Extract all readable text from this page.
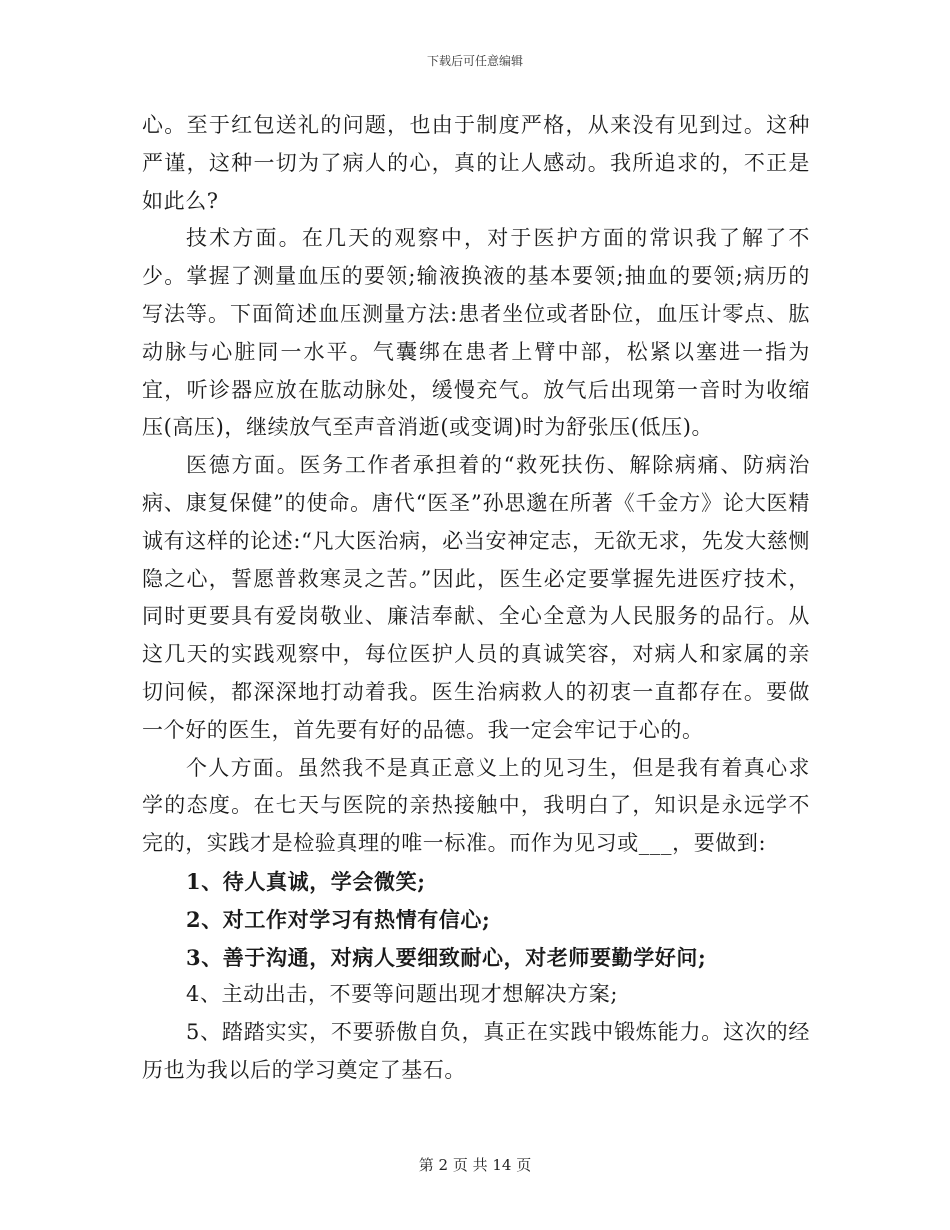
下载后可任意编辑

心。至于红包送礼的问题，也由于制度严格，从来没有见到过。这种严谨，这种一切为了病人的心，真的让人感动。我所追求的，不正是如此么?

技术方面。在几天的观察中，对于医护方面的常识我了解了不少。掌握了测量血压的要领;输液换液的基本要领;抽血的要领;病历的写法等。下面简述血压测量方法:患者坐位或者卧位，血压计零点、肱动脉与心脏同一水平。气囊绑在患者上臂中部，松紧以塞进一指为宜，听诊器应放在肱动脉处，缓慢充气。放气后出现第一音时为收缩压(高压)，继续放气至声音消逝(或变调)时为舒张压(低压)。

医德方面。医务工作者承担着的“救死扶伤、解除病痛、防病治病、康复保健”的使命。唐代“医圣”孙思邈在所著《千金方》论大医精诚有这样的论述:“凡大医治病，必当安神定志，无欲无求，先发大慈恻隐之心，誓愿普救寒灵之苦。”因此，医生必定要掌握先进医疗技术，同时更要具有爱岗敬业、廉洁奉献、全心全意为人民服务的品行。从这几天的实践观察中，每位医护人员的真诚笑容，对病人和家属的亲切问候，都深深地打动着我。医生治病救人的初衷一直都存在。要做一个好的医生，首先要有好的品德。我一定会牢记于心的。

个人方面。虽然我不是真正意义上的见习生，但是我有着真心求学的态度。在七天与医院的亲热接触中，我明白了，知识是永远学不完的，实践才是检验真理的唯一标准。而作为见习或___，要做到:

1、待人真诚，学会微笑;

2、对工作对学习有热情有信心;

3、善于沟通，对病人要细致耐心，对老师要勤学好问;

4、主动出击，不要等问题出现才想解决方案;

5、踏踏实实，不要骄傲自负，真正在实践中锻炼能力。这次的经历也为我以后的学习奠定了基石。

第 2 页 共 14 页
